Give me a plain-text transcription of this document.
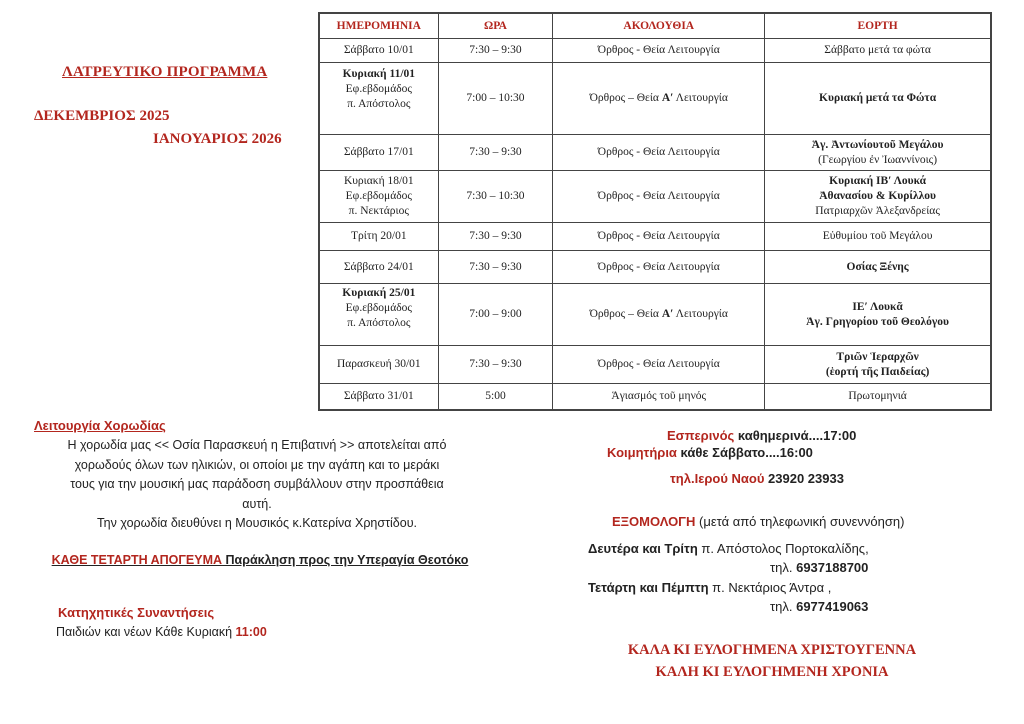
ΛΑΤΡΕΥΤΙΚΟ ΠΡΟΓΡΑΜΜΑ
ΔΕΚΕΜΒΡΙΟΣ 2025
ΙΑΝΟΥΑΡΙΟΣ 2026
ΗΜΕΡΟΜΗΝΙΑ	ΩΡΑ	ΑΚΟΛΟΥΘΙΑ	ΕΟΡΤΗ
Σάββατο 10/01	7:30 – 9:30	Όρθρος - Θεία Λειτουργία	Σάββατο μετά τα φώτα

Κυριακή 11/01
Εφ.εβδομάδος
π. Απόστολος	7:00 – 10:30	Όρθρος – Θεία Α′ Λειτουργία	Κυριακή μετά τα Φώτα
Σάββατο 17/01	7:30 – 9:30	Όρθρος - Θεία Λειτουργία	Ἁγ. Ἀντωνίουτοῦ Μεγάλου
(Γεωργίου ἐν Ἰωαννίνοις)

Κυριακή 18/01
Εφ.εβδομάδος
π. Νεκτάριος	7:30 – 10:30	Όρθρος - Θεία Λειτουργία	Κυριακή ΙΒ′ Λουκά
Ἀθανασίου & Κυρίλλου
Πατριαρχῶν Ἀλεξανδρείας

Τρίτη 20/01	7:30 – 9:30	Όρθρος - Θεία Λειτουργία	Εὐθυμίου τοῦ Μεγάλου
Σάββατο 24/01	7:30 – 9:30	Όρθρος - Θεία Λειτουργία	Οσίας Ξένης

Κυριακή 25/01
Εφ.εβδομάδος
π. Απόστολος	7:00 – 9:00	Όρθρος – Θεία Α′ Λειτουργία	ΙΕ′ Λουκᾶ
Ἁγ. Γρηγορίου τοῦ Θεολόγου

Παρασκευή 30/01	7:30 – 9:30	Όρθρος - Θεία Λειτουργία	Τριῶν Ἱεραρχῶν
(ἑορτή τῆς Παιδείας)

Σάββατο 31/01	5:00	Ἁγιασμός τοῦ μηνός	Πρωτομηνιά
Λειτουργία Χορωδίας
Η χορωδία μας << Οσία Παρασκευή η Επιβατινή >> αποτελείται από
χορωδούς όλων των ηλικιών, οι οποίοι με την αγάπη και το μεράκι
τους για την μουσική μας παράδοση συμβάλλουν στην προσπάθεια
αυτή.
Την χορωδία διευθύνει η Μουσικός κ.Κατερίνα Χρηστίδου.
ΚΑΘΕ ΤΕΤΑΡΤΗ ΑΠΟΓΕΥΜΑ Παράκληση προς την Υπεραγία Θεοτόκο
Κατηχητικές Συναντήσεις
Παιδιών και νέων Κάθε Κυριακή 11:00
Εσπερινός καθημερινά....17:00
Κοιμητήρια κάθε Σάββατο....16:00
τηλ.Ιερού Ναού 23920 23933
ΕΞΟΜΟΛΟΓΗ (μετά από τηλεφωνική συνεννόηση)
Δευτέρα και Τρίτη π. Απόστολος Πορτοκαλίδης,
τηλ. 6937188700
Τετάρτη και Πέμπτη π. Νεκτάριος Άντρα ,
τηλ. 6977419063
ΚΑΛΑ ΚΙ ΕΥΛΟΓΗΜΕΝΑ ΧΡΙΣΤΟΥΓΕΝΝΑ
ΚΑΛΗ ΚΙ ΕΥΛΟΓΗΜΕΝΗ ΧΡΟΝΙΑ
